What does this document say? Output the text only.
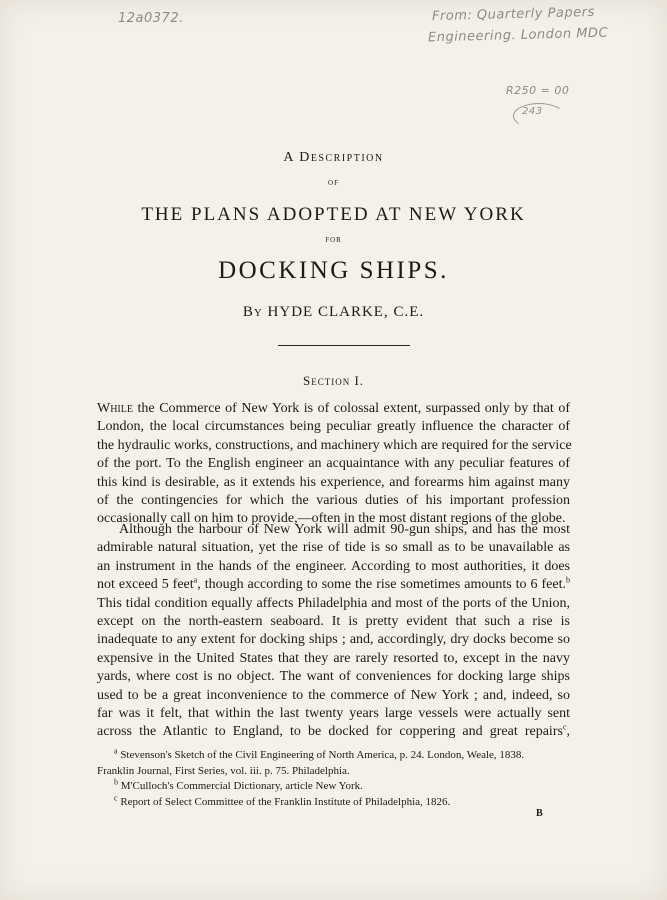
12a0372.	From: Quarterly Papers
Engineering. London MDC
R250 = 00
243
A Description
OF
THE PLANS ADOPTED AT NEW YORK
FOR
DOCKING SHIPS.
By HYDE CLARKE, C.E.
Section I.
While the Commerce of New York is of colossal extent, surpassed only by that of
London, the local circumstances being peculiar greatly influence the character of
the hydraulic works, constructions, and machinery which are required for the service
of the port. To the English engineer an acquaintance with any peculiar features of
this kind is desirable, as it extends his experience, and forearms him against many
of the contingencies for which the various duties of his important profession
occasionally call on him to provide,—often in the most distant regions of the globe.
Although the harbour of New York will admit 90-gun ships, and has the most
admirable natural situation, yet the rise of tide is so small as to be unavailable as
an instrument in the hands of the engineer. According to most authorities, it does
not exceed 5 feet$^a$, though according to some the rise sometimes amounts to 6 feet.$^b$
This tidal condition equally affects Philadelphia and most of the ports of the Union,
except on the north-eastern seaboard. It is pretty evident that such a rise is
inadequate to any extent for docking ships ; and, accordingly, dry docks become so
expensive in the United States that they are rarely resorted to, except in the navy
yards, where cost is no object. The want of conveniences for docking large ships
used to be a great inconvenience to the commerce of New York ; and, indeed, so
far was it felt, that within the last twenty years large vessels were actually sent
across the Atlantic to England, to be docked for coppering and great repairs$^c$,
$^a$ Stevenson's Sketch of the Civil Engineering of North America, p. 24. London, Weale, 1838.
Franklin Journal, First Series, vol. iii. p. 75. Philadelphia.
$^b$ M'Culloch's Commercial Dictionary, article New York.
$^c$ Report of Select Committee of the Franklin Institute of Philadelphia, 1826.
B
